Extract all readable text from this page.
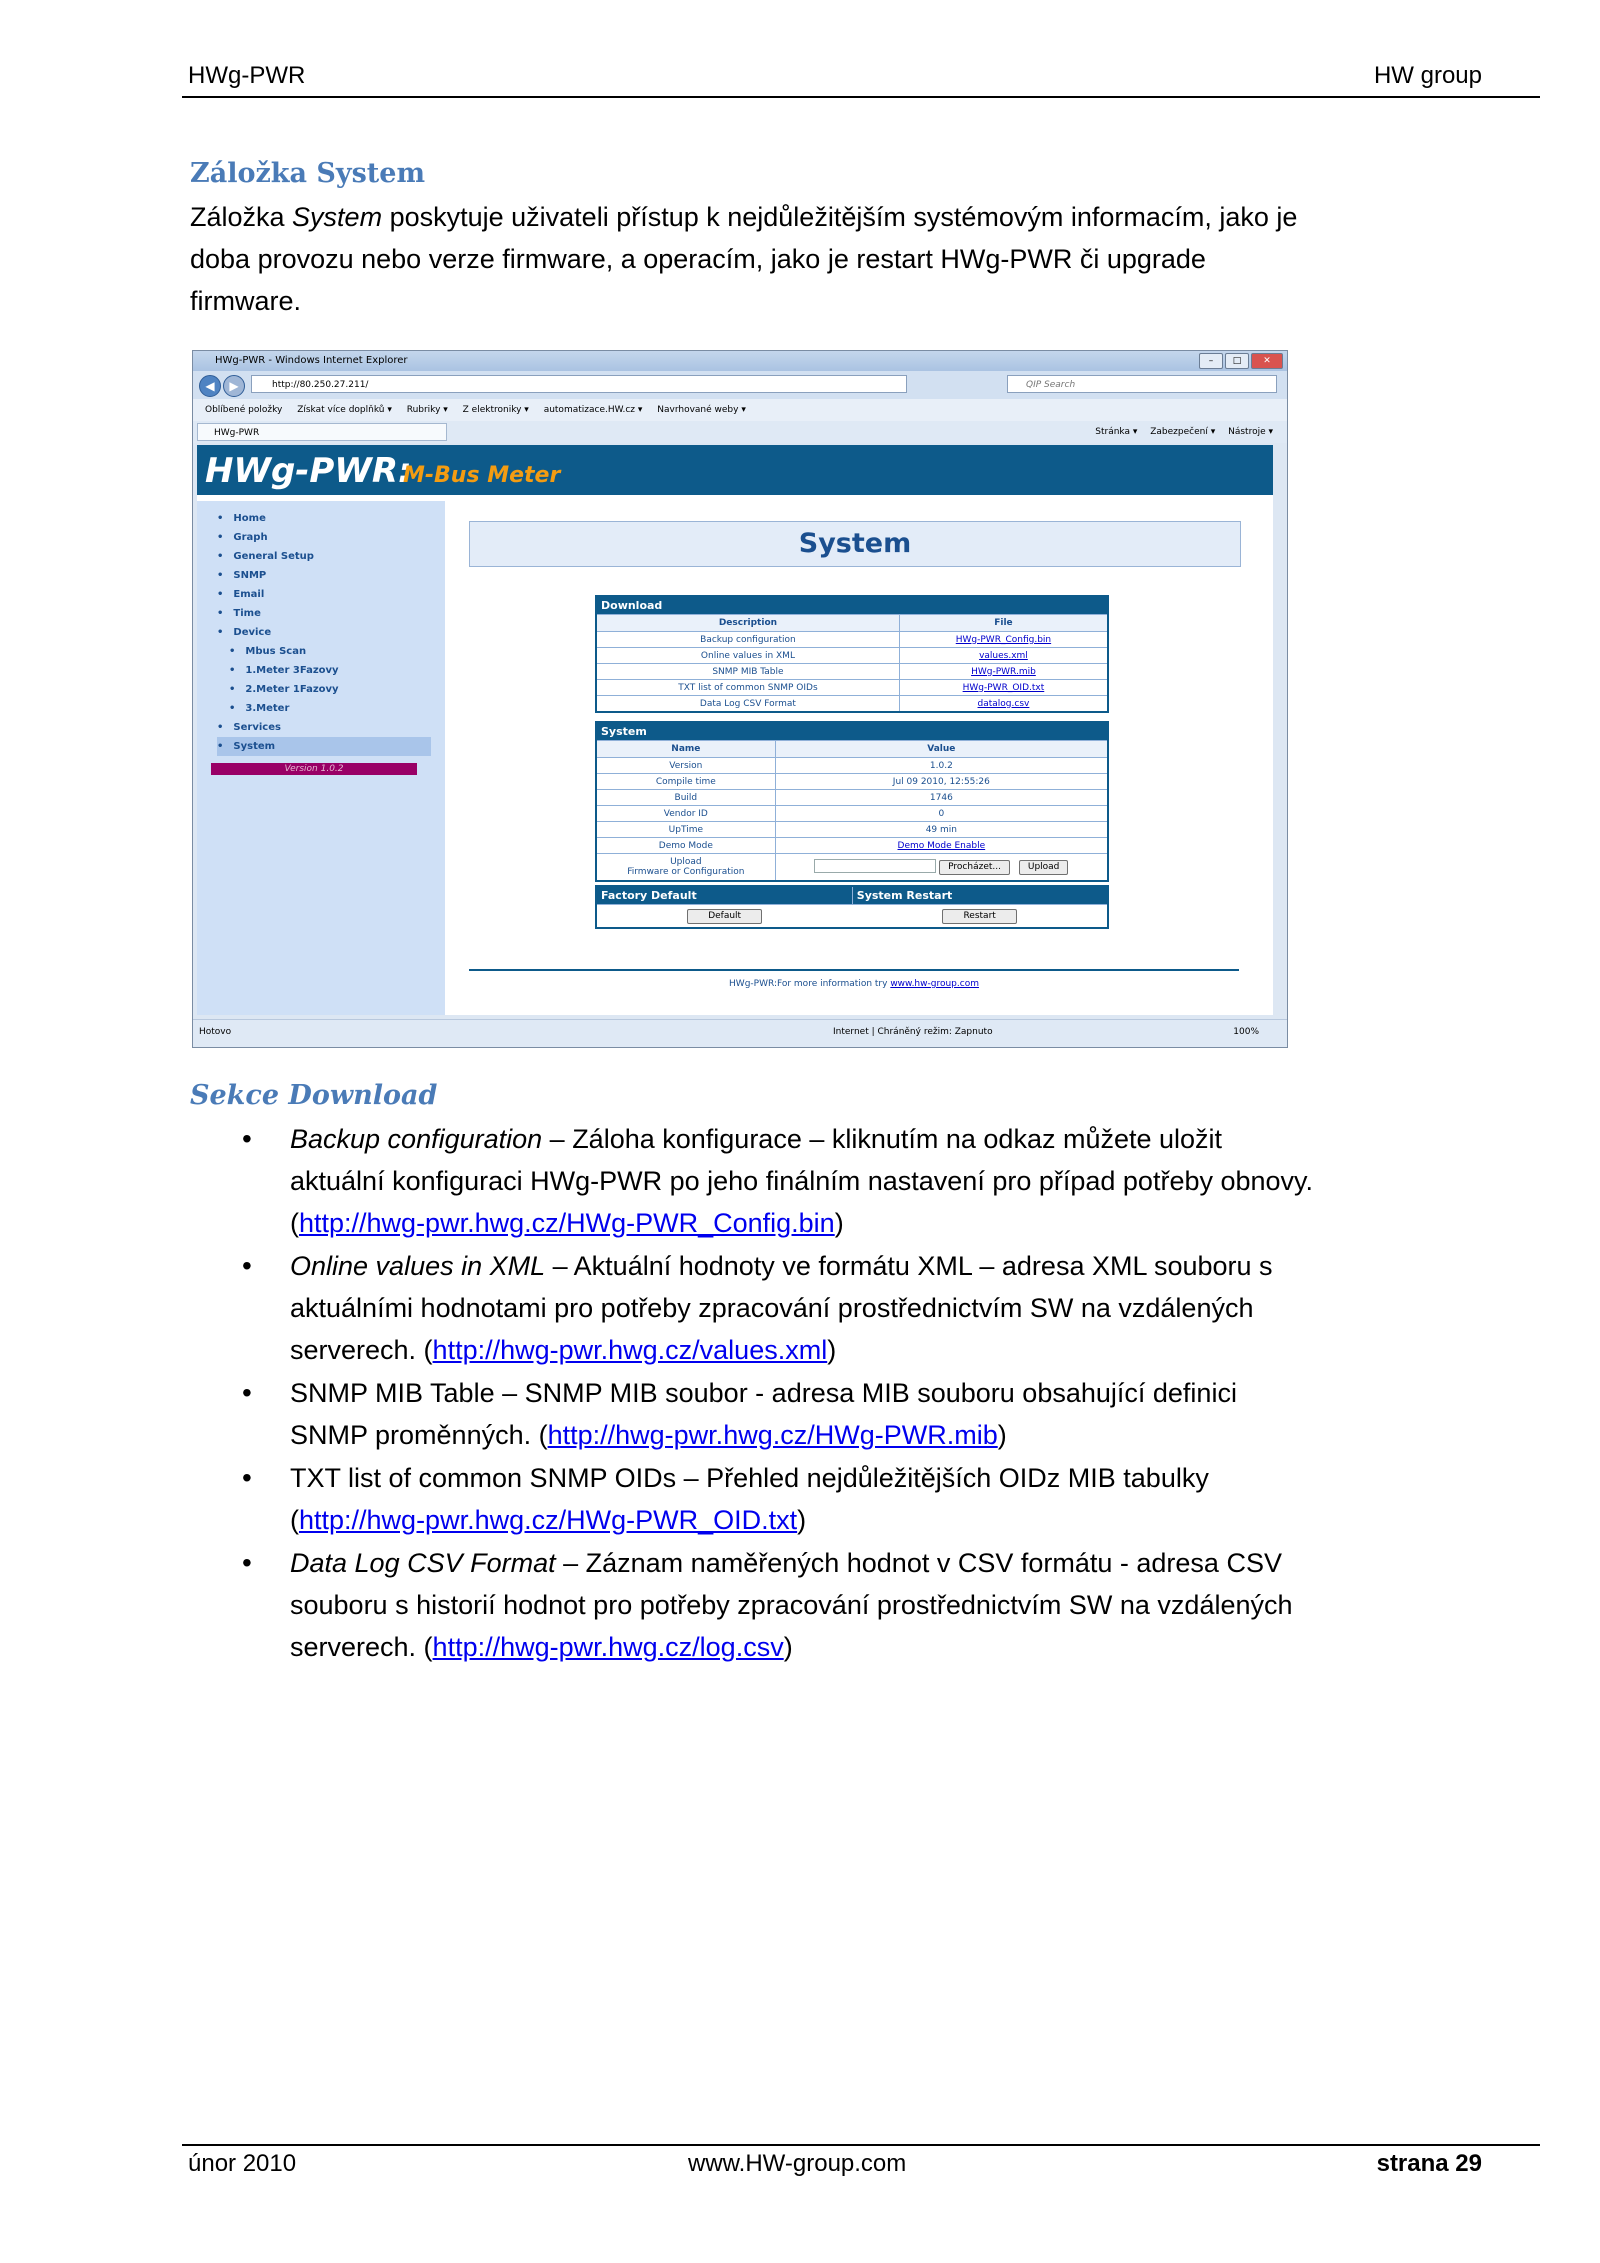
HWg-PWR	HW group
Záložka System
Záložka System poskytuje uživateli přístup k nejdůležitějším systémovým informacím, jako je doba provozu nebo verze firmware, a operacím, jako je restart HWg-PWR či upgrade firmware.
HWg-PWR - Windows Internet Explorer	–	□	✕
◀	▶	http://80.250.27.211/	QIP Search
Oblíbené položky Získat více doplňků ▾ Rubriky ▾ Z elektroniky ▾ automatizace.HW.cz ▾ Navrhované weby ▾
HWg-PWR	Stránka ▾ Zabezpečení ▾ Nástroje ▾
HWg-PWR:
M-Bus Meter
• Home
• Graph
• General Setup
• SNMP
• Email
• Time
• Device
• Mbus Scan
• 1.Meter 3Fazovy
• 2.Meter 1Fazovy
• 3.Meter
• Services
• System
Version 1.0.2
System
Download	
Description	File
Backup configuration	HWg-PWR_Config.bin
Online values in XML	values.xml
SNMP MIB Table	HWg-PWR.mib
TXT list of common SNMP OIDs	HWg-PWR_OID.txt
Data Log CSV Format	datalog.csv
System	
Name	Value
Version	1.0.2
Compile time	Jul 09 2010, 12:55:26
Build	1746
Vendor ID	0
UpTime	49 min
Demo Mode	Demo Mode Enable
Upload
Firmware or Configuration	Procházet... Upload
Factory Default	System Restart
Default	Restart
HWg-PWR:For more information try www.hw-group.com
Hotovo	Internet | Chráněný režim: Zapnuto	100%
Sekce Download
• Backup configuration – Záloha konfigurace – kliknutím na odkaz můžete uložit aktuální konfiguraci HWg-PWR po jeho finálním nastavení pro případ potřeby obnovy. (http://hwg-pwr.hwg.cz/HWg-PWR_Config.bin)
• Online values in XML – Aktuální hodnoty ve formátu XML – adresa XML souboru s aktuálními hodnotami pro potřeby zpracování prostřednictvím SW na vzdálených serverech. (http://hwg-pwr.hwg.cz/values.xml)
• SNMP MIB Table – SNMP MIB soubor - adresa MIB souboru obsahující definici SNMP proměnných. (http://hwg-pwr.hwg.cz/HWg-PWR.mib)
• TXT list of common SNMP OIDs – Přehled nejdůležitějších OIDz MIB tabulky (http://hwg-pwr.hwg.cz/HWg-PWR_OID.txt)
• Data Log CSV Format – Záznam naměřených hodnot v CSV formátu - adresa CSV souboru s historií hodnot pro potřeby zpracování prostřednictvím SW na vzdálených serverech. (http://hwg-pwr.hwg.cz/log.csv)
únor 2010	www.HW-group.com	strana 29
